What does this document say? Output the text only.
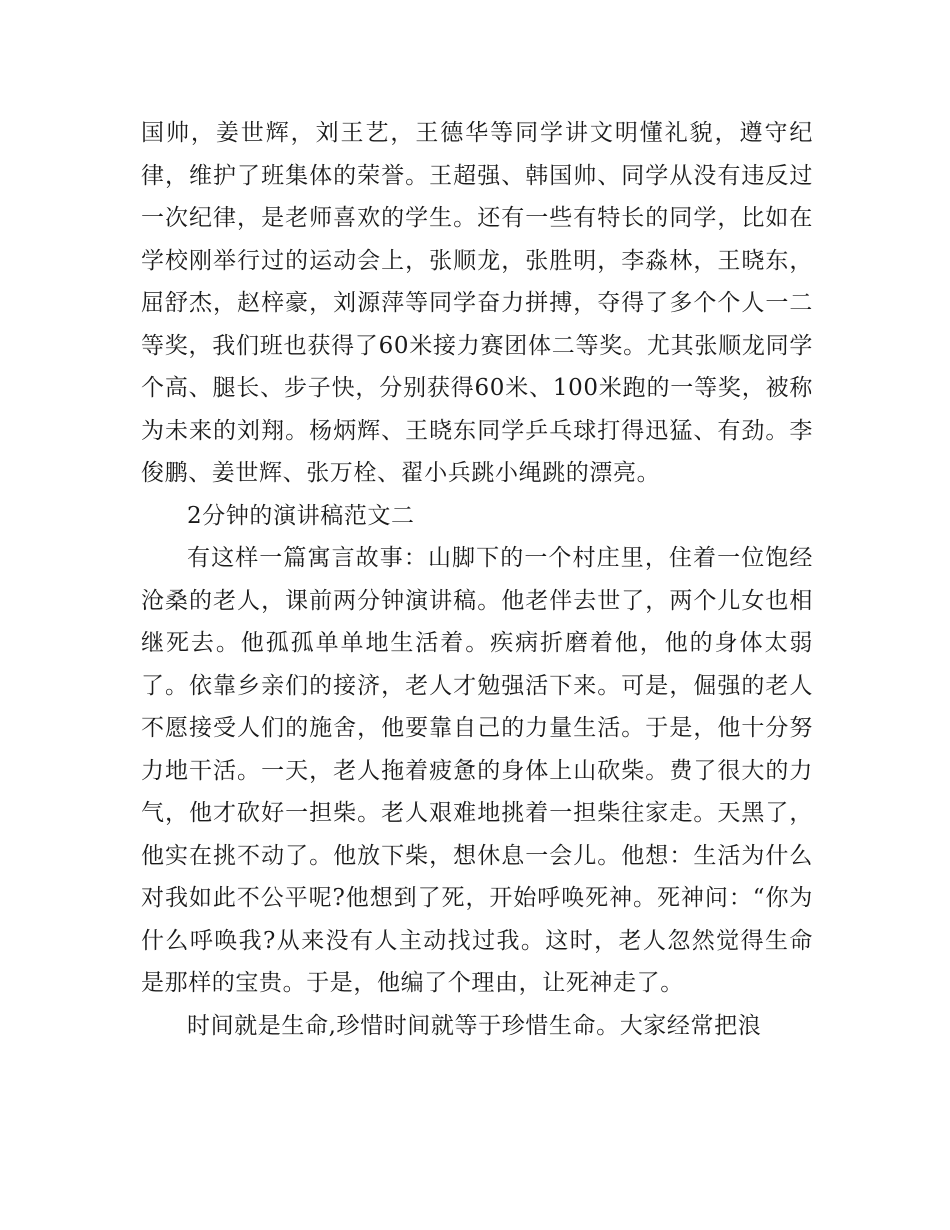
国帅，姜世辉，刘王艺，王德华等同学讲文明懂礼貌，遵守纪律，维护了班集体的荣誉。王超强、韩国帅、同学从没有违反过一次纪律，是老师喜欢的学生。还有一些有特长的同学，比如在学校刚举行过的运动会上，张顺龙，张胜明，李淼林，王晓东，屈舒杰，赵梓豪，刘源萍等同学奋力拼搏，夺得了多个个人一二等奖，我们班也获得了60米接力赛团体二等奖。尤其张顺龙同学个高、腿长、步子快，分别获得60米、100米跑的一等奖，被称为未来的刘翔。杨炳辉、王晓东同学乒乓球打得迅猛、有劲。李俊鹏、姜世辉、张万栓、翟小兵跳小绳跳的漂亮。

2分钟的演讲稿范文二

有这样一篇寓言故事：山脚下的一个村庄里，住着一位饱经沧桑的老人，课前两分钟演讲稿。他老伴去世了，两个儿女也相继死去。他孤孤单单地生活着。疾病折磨着他，他的身体太弱了。依靠乡亲们的接济，老人才勉强活下来。可是，倔强的老人不愿接受人们的施舍，他要靠自己的力量生活。于是，他十分努力地干活。一天，老人拖着疲惫的身体上山砍柴。费了很大的力气，他才砍好一担柴。老人艰难地挑着一担柴往家走。天黑了，他实在挑不动了。他放下柴，想休息一会儿。他想：生活为什么对我如此不公平呢?他想到了死，开始呼唤死神。死神问：“你为什么呼唤我?从来没有人主动找过我。这时，老人忽然觉得生命是那样的宝贵。于是，他编了个理由，让死神走了。

时间就是生命,珍惜时间就等于珍惜生命。大家经常把浪
